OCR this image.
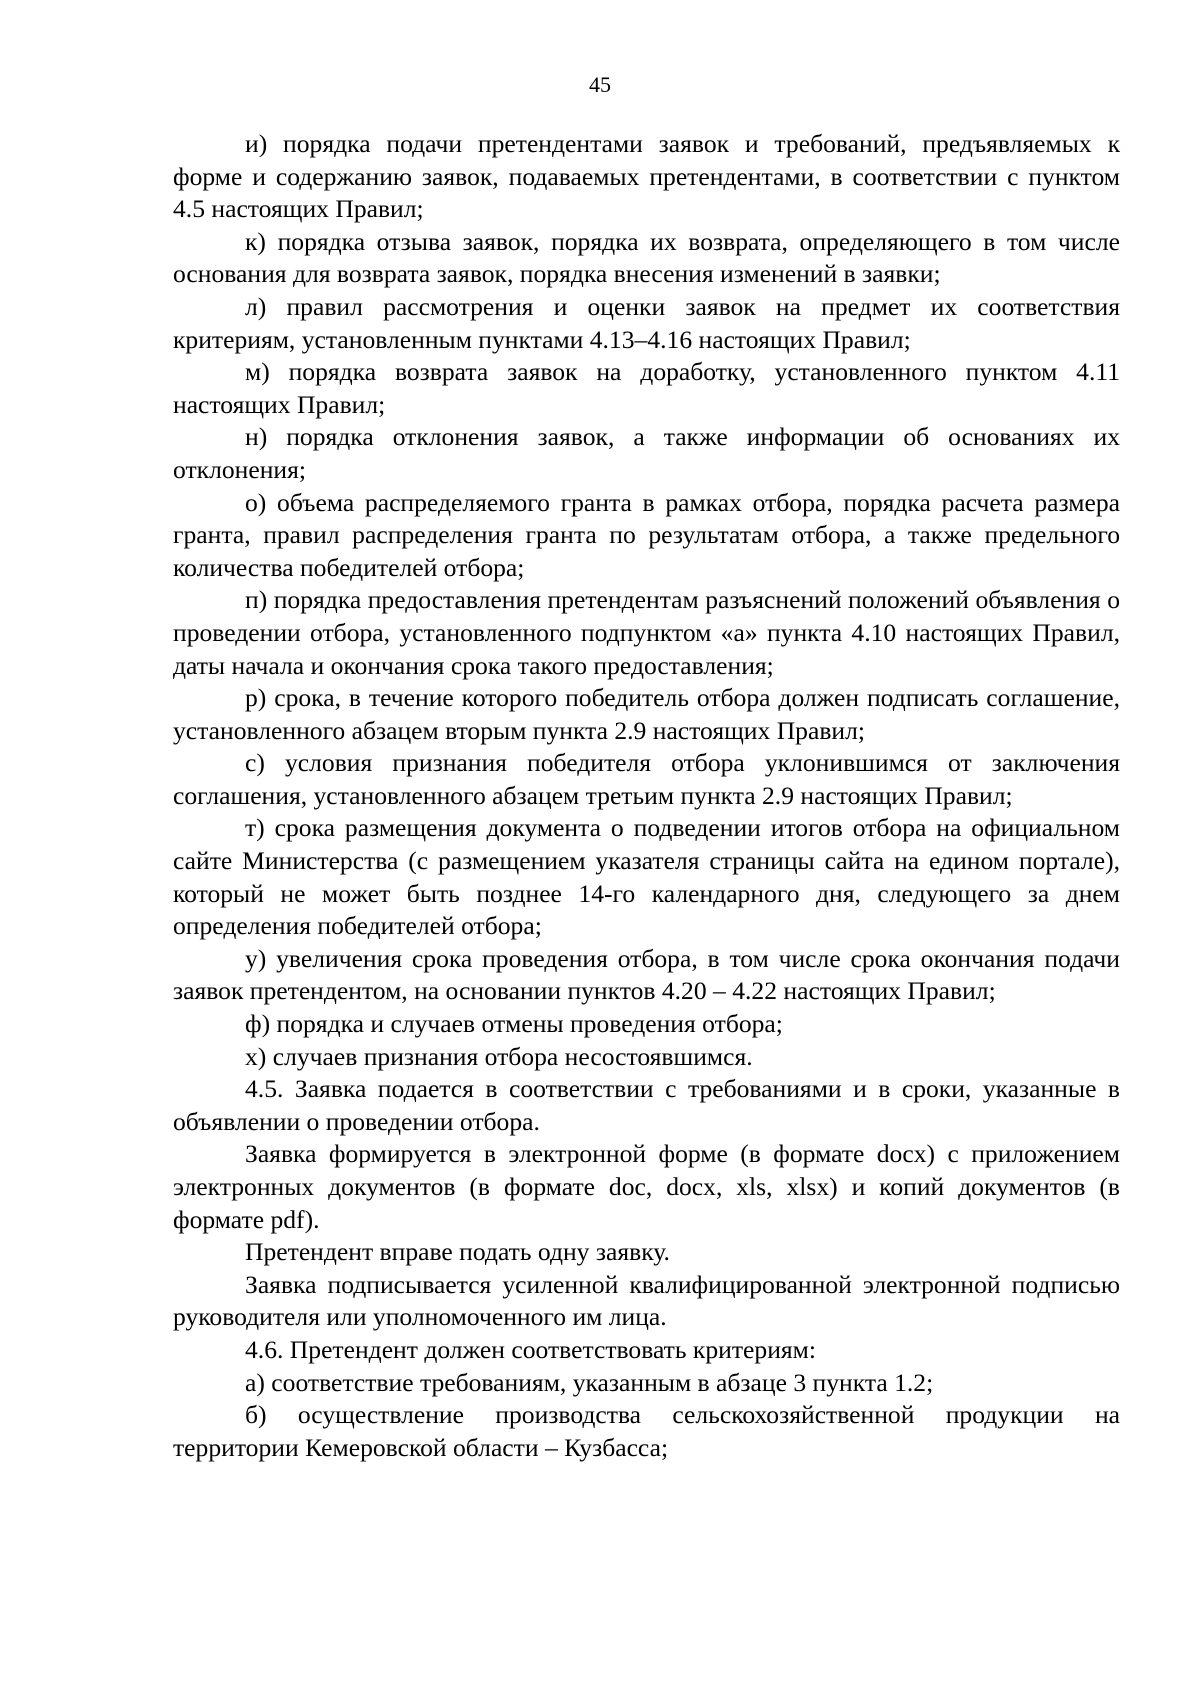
45

и) порядка подачи претендентами заявок и требований, предъявляемых к форме и содержанию заявок, подаваемых претендентами, в соответствии с пунктом 4.5 настоящих Правил;

к) порядка отзыва заявок, порядка их возврата, определяющего в том числе основания для возврата заявок, порядка внесения изменений в заявки;

л) правил рассмотрения и оценки заявок на предмет их соответствия критериям, установленным пунктами 4.13–4.16 настоящих Правил;

м) порядка возврата заявок на доработку, установленного пунктом 4.11 настоящих Правил;

н) порядка отклонения заявок, а также информации об основаниях их отклонения;

о) объема распределяемого гранта в рамках отбора, порядка расчета размера гранта, правил распределения гранта по результатам отбора, а также предельного количества победителей отбора;

п) порядка предоставления претендентам разъяснений положений объявления о проведении отбора, установленного подпунктом «а» пункта 4.10 настоящих Правил, даты начала и окончания срока такого предоставления;

р) срока, в течение которого победитель отбора должен подписать соглашение, установленного абзацем вторым пункта 2.9 настоящих Правил;

с) условия признания победителя отбора уклонившимся от заключения соглашения, установленного абзацем третьим пункта 2.9 настоящих Правил;

т) срока размещения документа о подведении итогов отбора на официальном сайте Министерства (с размещением указателя страницы сайта на едином портале), который не может быть позднее 14-го календарного дня, следующего за днем определения победителей отбора;

у) увеличения срока проведения отбора, в том числе срока окончания подачи заявок претендентом, на основании пунктов 4.20 – 4.22 настоящих Правил;

ф) порядка и случаев отмены проведения отбора;

х) случаев признания отбора несостоявшимся.

4.5. Заявка подается в соответствии с требованиями и в сроки, указанные в объявлении о проведении отбора.

Заявка формируется в электронной форме (в формате docx) с приложением электронных документов (в формате doc, docx, xls, xlsx) и копий документов (в формате pdf).

Претендент вправе подать одну заявку.

Заявка подписывается усиленной квалифицированной электронной подписью руководителя или уполномоченного им лица.

4.6. Претендент должен соответствовать критериям:

а) соответствие требованиям, указанным в абзаце 3 пункта 1.2;

б) осуществление производства сельскохозяйственной продукции на территории Кемеровской области – Кузбасса;
